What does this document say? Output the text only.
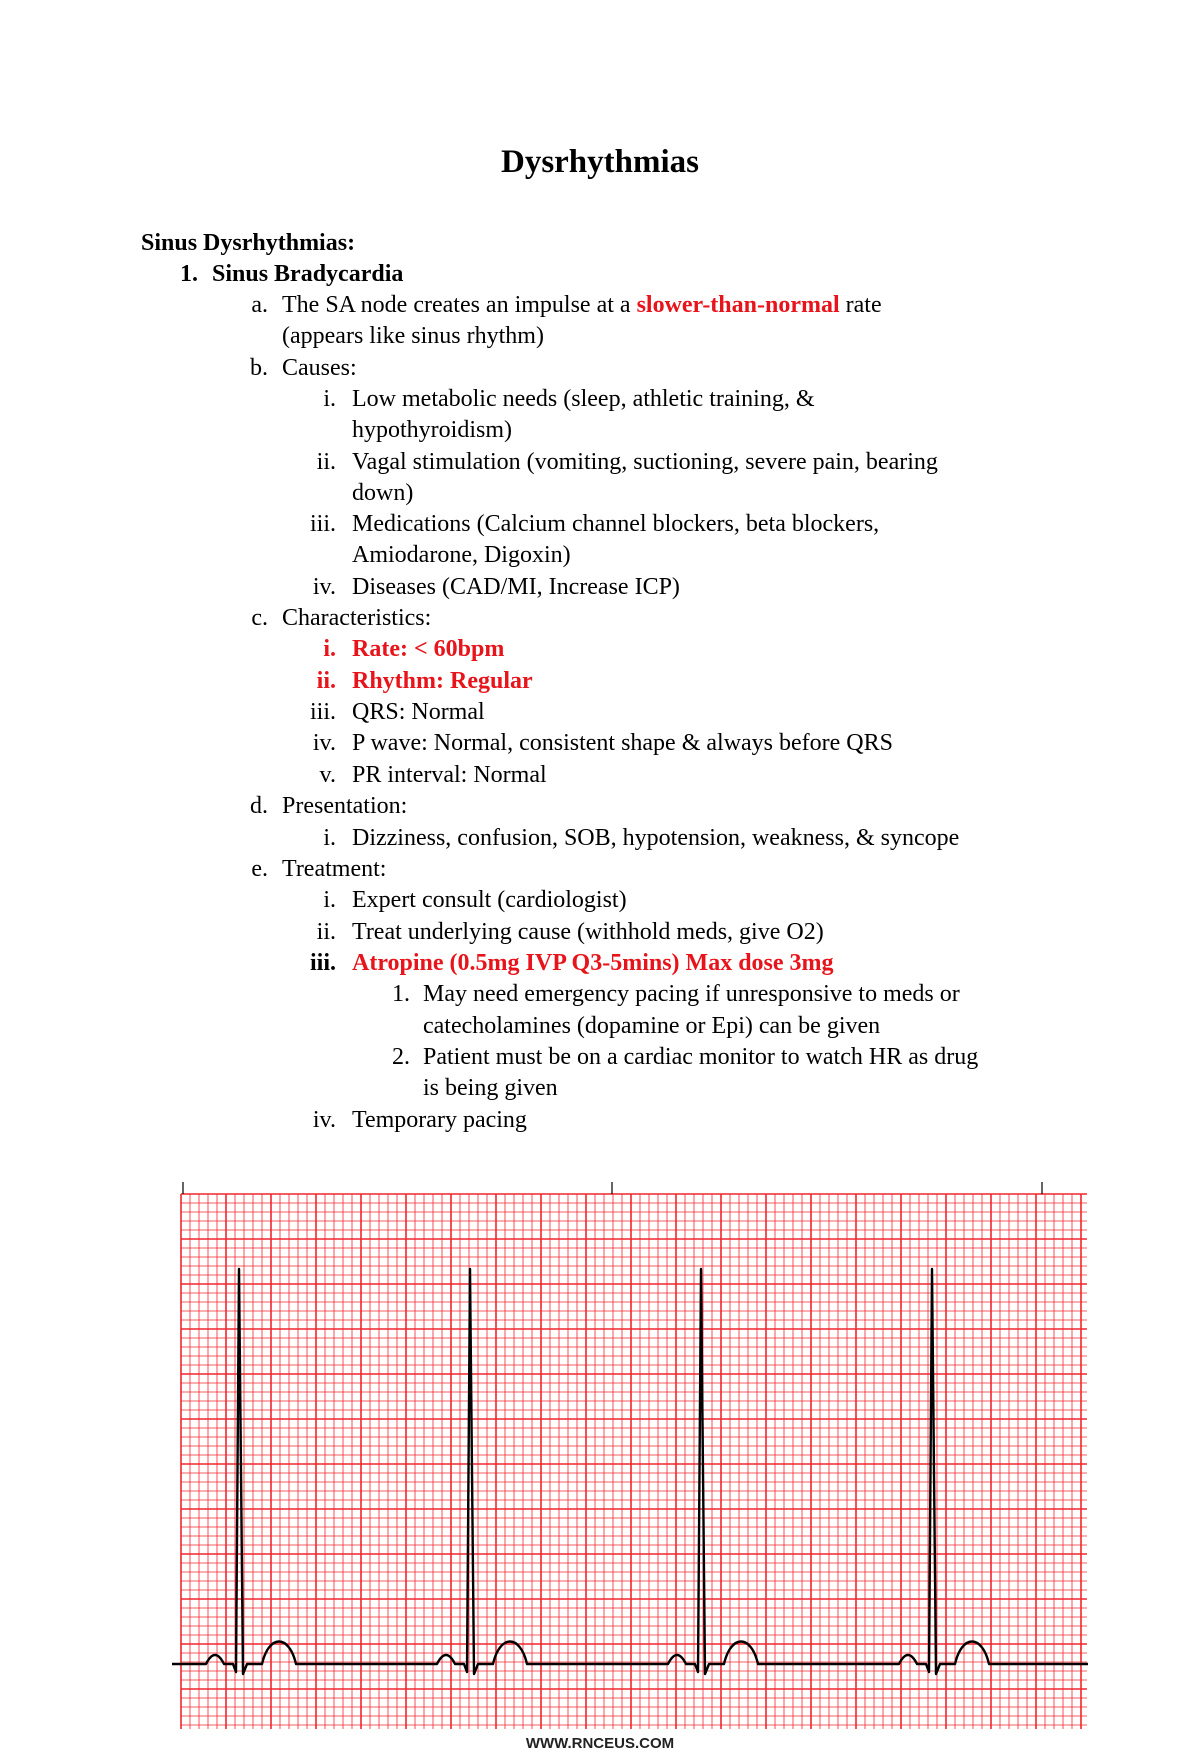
Dysrhythmias
Sinus Dysrhythmias:
1. Sinus Bradycardia
a. The SA node creates an impulse at a slower-than-normal rate
(appears like sinus rhythm)
b. Causes:
i. Low metabolic needs (sleep, athletic training, &
hypothyroidism)
ii. Vagal stimulation (vomiting, suctioning, severe pain, bearing
down)
iii. Medications (Calcium channel blockers, beta blockers,
Amiodarone, Digoxin)
iv. Diseases (CAD/MI, Increase ICP)
c. Characteristics:
i. Rate: < 60bpm
ii. Rhythm: Regular
iii. QRS: Normal
iv. P wave: Normal, consistent shape & always before QRS
v. PR interval: Normal
d. Presentation:
i. Dizziness, confusion, SOB, hypotension, weakness, & syncope
e. Treatment:
i. Expert consult (cardiologist)
ii. Treat underlying cause (withhold meds, give O2)
iii. Atropine (0.5mg IVP Q3-5mins) Max dose 3mg
1. May need emergency pacing if unresponsive to meds or
catecholamines (dopamine or Epi) can be given
2. Patient must be on a cardiac monitor to watch HR as drug
is being given
iv. Temporary pacing
WWW.RNCEUS.COM
